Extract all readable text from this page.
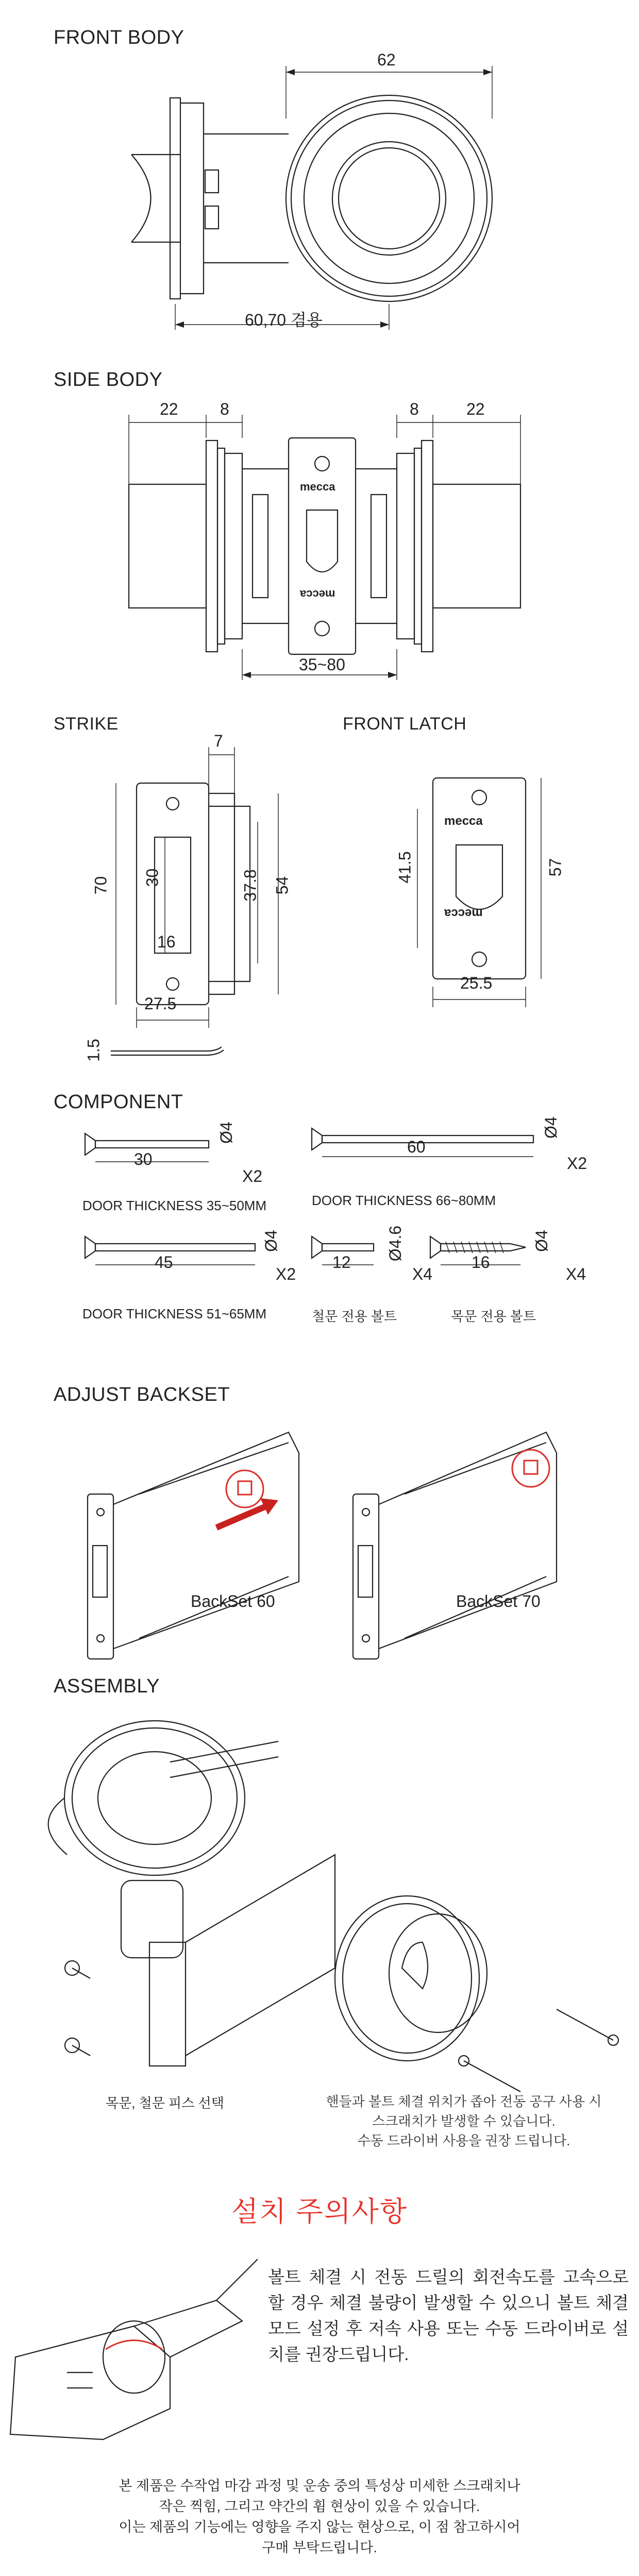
FRONT BODY
62
60,70 겸용
SIDE BODY
22	8	8	22
mecca
mecca
35~80
STRIKE
7
70 30
16
37.8 54
27.5
1.5
FRONT LATCH
mecca
mecca
41.5	57
25.5
COMPONENT
30
Ø4
X2
DOOR THICKNESS 35~50MM
60
Ø4
X2
DOOR THICKNESS 66~80MM
45
Ø4
X2
DOOR THICKNESS 51~65MM
12
Ø4.6
X4
철문 전용 볼트
16
Ø4
X4
목문 전용 볼트
ADJUST BACKSET
BackSet 60	BackSet 70
ASSEMBLY
목문, 철문 피스 선택	핸들과 볼트 체결 위치가 좁아 전동 공구 사용 시
스크래치가 발생할 수 있습니다.
수동 드라이버 사용을 권장 드립니다.
설치 주의사항
볼트 체결 시 전동 드릴의 회전속도를 고속으로 할 경우 체결 불량이 발생할 수 있으니 볼트 체결 모드 설정 후 저속 사용 또는 수동 드라이버로 설치를 권장드립니다.
본 제품은 수작업 마감 과정 및 운송 중의 특성상 미세한 스크래치나
작은 찍힘, 그리고 약간의 휨 현상이 있을 수 있습니다.
이는 제품의 기능에는 영향을 주지 않는 현상으로, 이 점 참고하시어
구매 부탁드립니다.
